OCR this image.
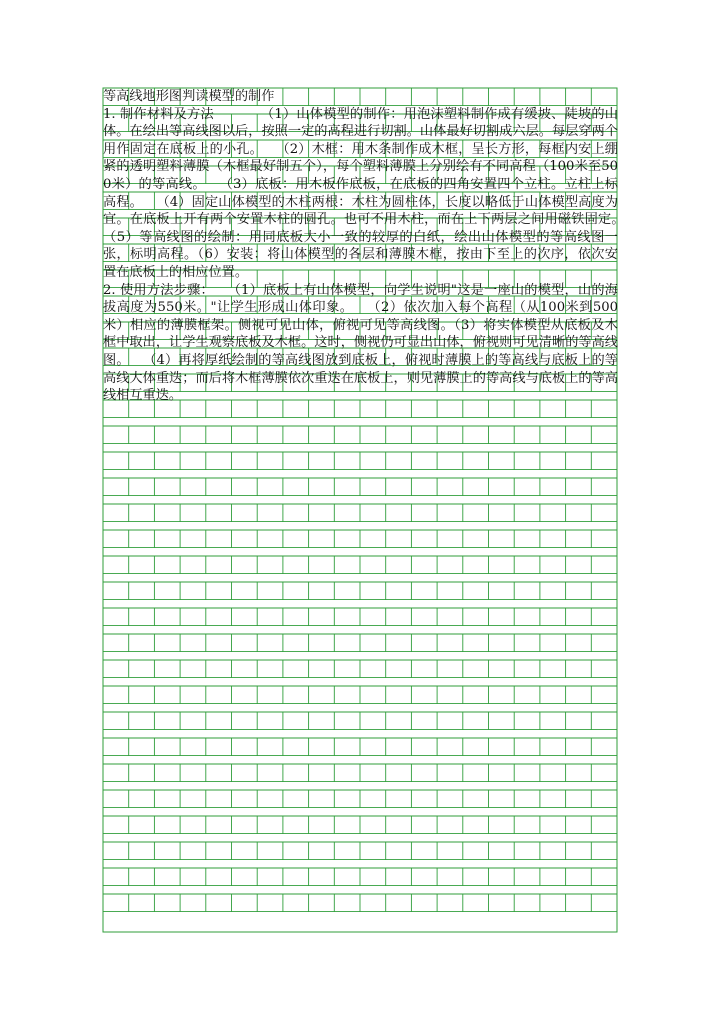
等高线地形图判读模型的制作

1. 制作材料及方法　　　　	（1）山体模型的制作：用泡沫塑料制作成有缓坡、陡坡的山体。在绘出等高线图以后，按照一定的高程进行切割。山体最好切割成六层。每层穿两个用作固定在底板上的小孔。　　（2）木框：用木条制作成木框，呈长方形，每框内安上绷紧的透明塑料薄膜（木框最好制五个），每个塑料薄膜上分别绘有不同高程（100米至500米）的等高线。　　（3）底板：用木板作底板，在底板的四角安置四个立柱。立柱上标高程。　　（4）固定山体模型的木柱两根：木柱为圆柱体，长度以略低于山体模型高度为宜。在底板上开有两个安置木柱的圆孔。也可不用木柱，而在上下两层之间用磁铁固定。　　（5）等高线图的绘制：用同底板大小一致的较厚的白纸，绘出山体模型的等高线图一张，标明高程。（6）安装：将山体模型的各层和薄膜木框，按由下至上的次序，依次安置在底板上的相应位置。

2. 使用方法步骤：　　 （1）底板上有山体模型，向学生说明"这是一座山的模型，山的海拔高度为550米。"让学生形成山体印象。　　（2）依次加入每个高程（从100米到500米）相应的薄膜框架。侧视可见山体，俯视可见等高线图。（3）将实体模型从底板及木框中取出，让学生观察底板及木框。这时，侧视仍可显出山体，俯视则可见清晰的等高线图。　　（4）再将厚纸绘制的等高线图放到底板上，俯视时薄膜上的等高线与底板上的等高线大体重迭；而后将木框薄膜依次重迭在底板上，则见薄膜上的等高线与底板上的等高线相互重迭。
